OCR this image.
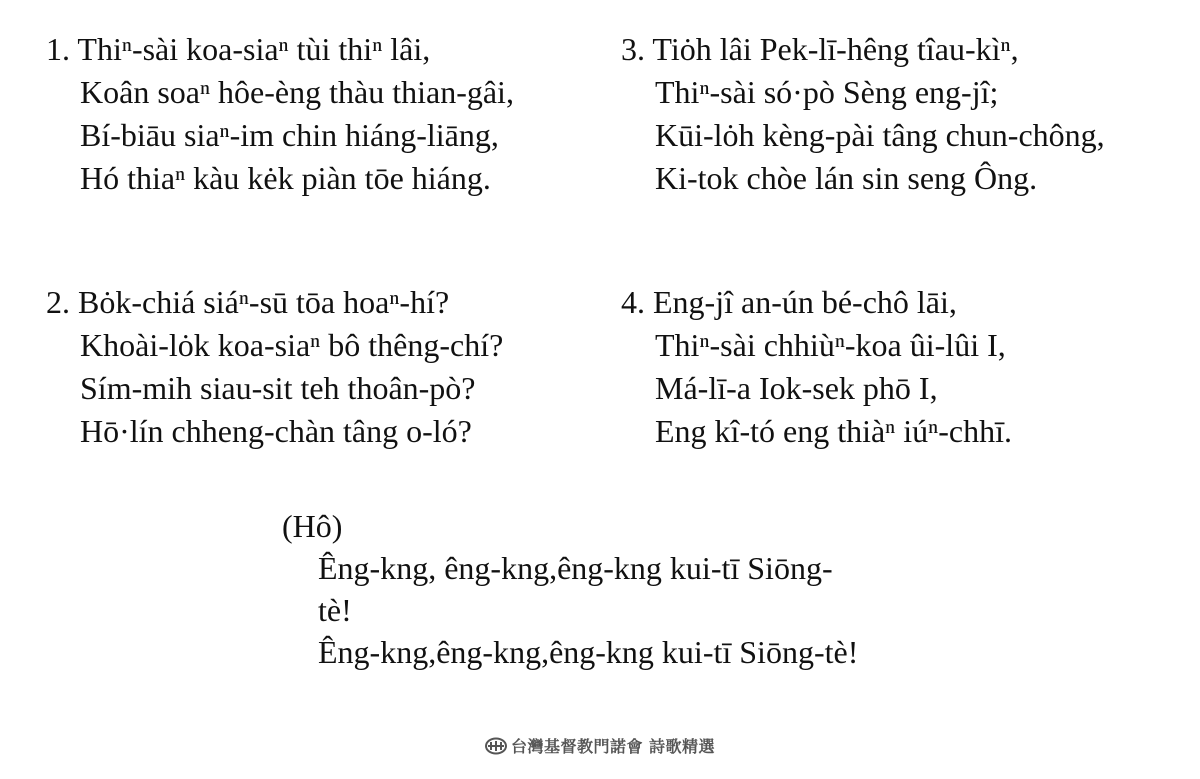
1. Thiⁿ-sài koa-siaⁿ tùi thiⁿ lâi,
Koân soaⁿ hôe-èng thàu thian-gâi,
Bí-biāu siaⁿ-im chin hiáng-liāng,
Hó thiaⁿ kàu kėk piàn tōe hiáng.
3. Tiȯh lâi Pek-lī-hêng tîau-kìⁿ,
Thiⁿ-sài só·pò Sèng eng-jî;
Kūi-lȯh kèng-pài tâng chun-chông,
Ki-tok chòe lán sin seng Ông.
2. Bȯk-chiá siáⁿ-sū tōa hoaⁿ-hí?
Khoài-lȯk koa-siaⁿ bô thêng-chí?
Sím-mih siau-sit teh thoân-pò?
Hō·lín chheng-chàn tâng o-ló?
4. Eng-jî an-ún bé-chô lāi,
Thiⁿ-sài chhiùⁿ-koa ûi-lûi I,
Má-lī-a Iok-sek phō I,
Eng kî-tó eng thiàⁿ iúⁿ-chhī.
(Hô)
Êng-kng, êng-kng,êng-kng kui-tī Siōng-
tè!
Êng-kng,êng-kng,êng-kng kui-tī Siōng-tè!
台灣基督教門諾會 詩歌精選
